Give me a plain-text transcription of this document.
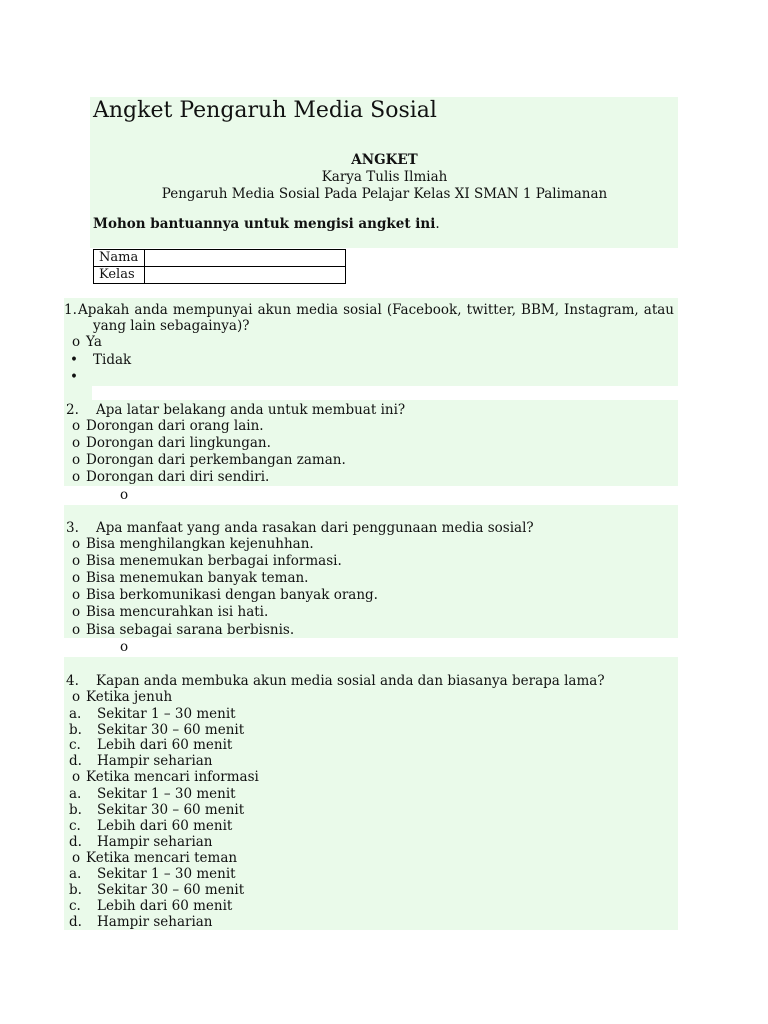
Angket Pengaruh Media Sosial
ANGKET
Karya Tulis Ilmiah
Pengaruh Media Sosial Pada Pelajar Kelas XI SMAN 1 Palimanan
Mohon bantuannya untuk mengisi angket ini.
Nama	
Kelas	
1. Apakah anda mempunyai akun media sosial (Facebook, twitter, BBM, Instagram, atau
yang lain sebagainya)?
o Ya
• Tidak
•
2. Apa latar belakang anda untuk membuat ini?
o Dorongan dari orang lain.
o Dorongan dari lingkungan.
o Dorongan dari perkembangan zaman.
o Dorongan dari diri sendiri.
o
3. Apa manfaat yang anda rasakan dari penggunaan media sosial?
o Bisa menghilangkan kejenuhhan.
o Bisa menemukan berbagai informasi.
o Bisa menemukan banyak teman.
o Bisa berkomunikasi dengan banyak orang.
o Bisa mencurahkan isi hati.
o Bisa sebagai sarana berbisnis.
o
4. Kapan anda membuka akun media sosial anda dan biasanya berapa lama?
o Ketika jenuh
a. Sekitar 1 – 30 menit
b. Sekitar 30 – 60 menit
c. Lebih dari 60 menit
d. Hampir seharian
o Ketika mencari informasi
a. Sekitar 1 – 30 menit
b. Sekitar 30 – 60 menit
c. Lebih dari 60 menit
d. Hampir seharian
o Ketika mencari teman
a. Sekitar 1 – 30 menit
b. Sekitar 30 – 60 menit
c. Lebih dari 60 menit
d. Hampir seharian
